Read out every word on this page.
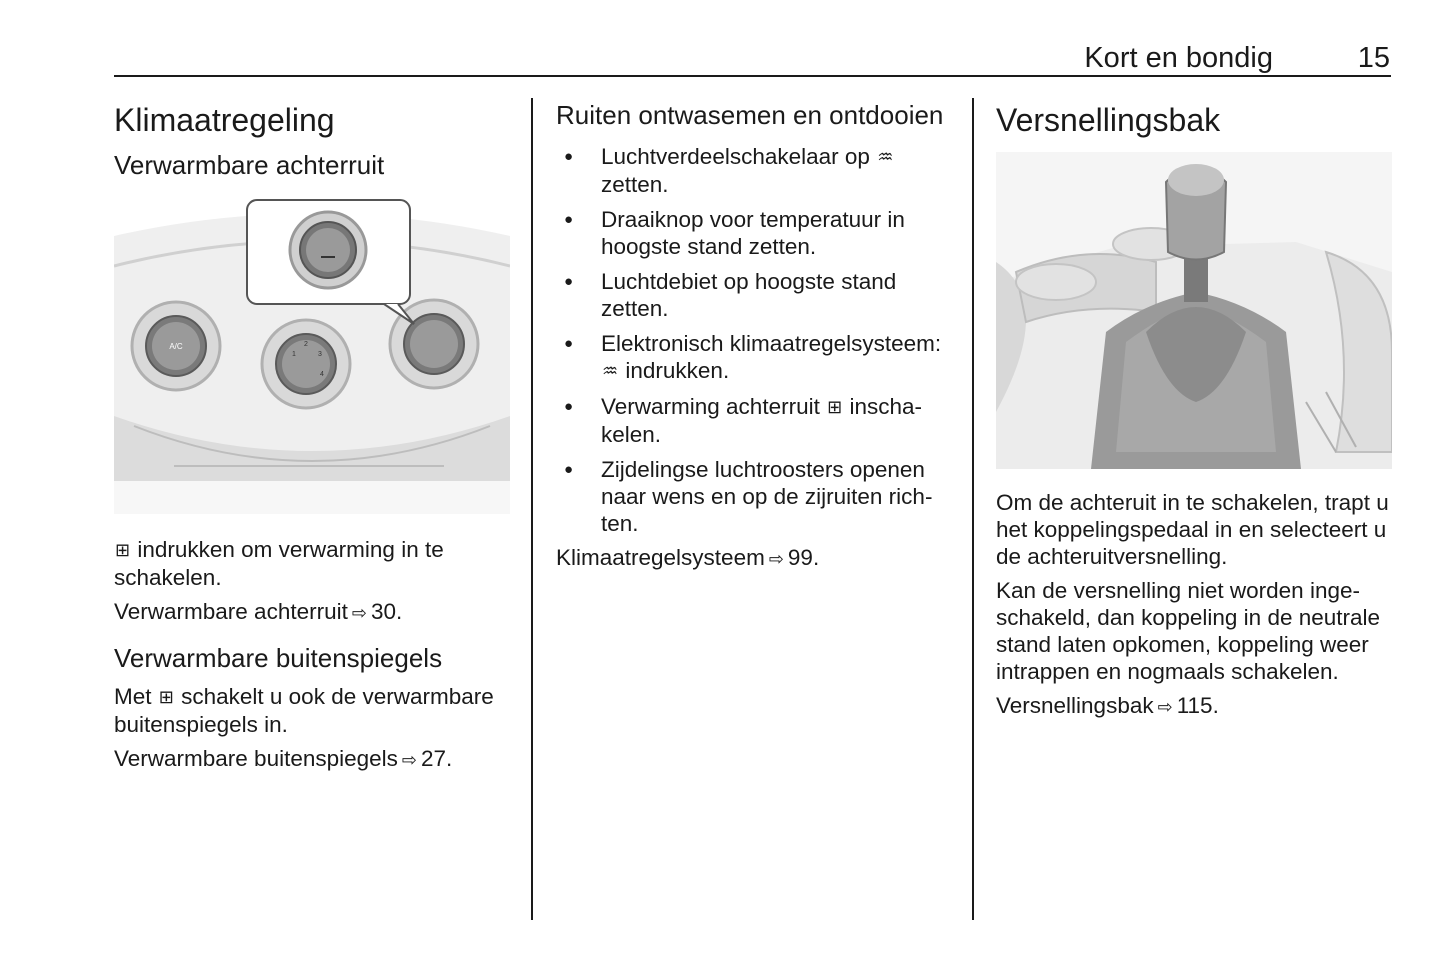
Kort en bondig	15
Klimaatregeling
Verwarmbare achterruit
A/C
1
2
3
4

⊞ indrukken om verwarming in te schakelen.

Verwarmbare achterruit ⇨ 30.

Verwarmbare buitenspiegels

Met ⊞ schakelt u ook de verwarmbare buitenspiegels in.

Verwarmbare buitenspiegels ⇨ 27.

Ruiten ontwasemen en ontdooien
● Luchtverdeelschakelaar op ♒ zetten.
● Draaiknop voor temperatuur in hoogste stand zetten.
● Luchtdebiet op hoogste stand zetten.
● Elektronisch klimaatregelsysteem: ♒ indrukken.
● Verwarming achterruit ⊞ inschakelen.
● Zijdelingse luchtroosters openen naar wens en op de zijruiten richten.

Klimaatregelsysteem ⇨ 99.

Versnellingsbak

Om de achteruit in te schakelen, trapt u het koppelingspedaal in en selecteert u de achteruitversnelling.

Kan de versnelling niet worden ingeschakeld, dan koppeling in de neutrale stand laten opkomen, koppeling weer intrappen en nogmaals schakelen.

Versnellingsbak ⇨ 115.
